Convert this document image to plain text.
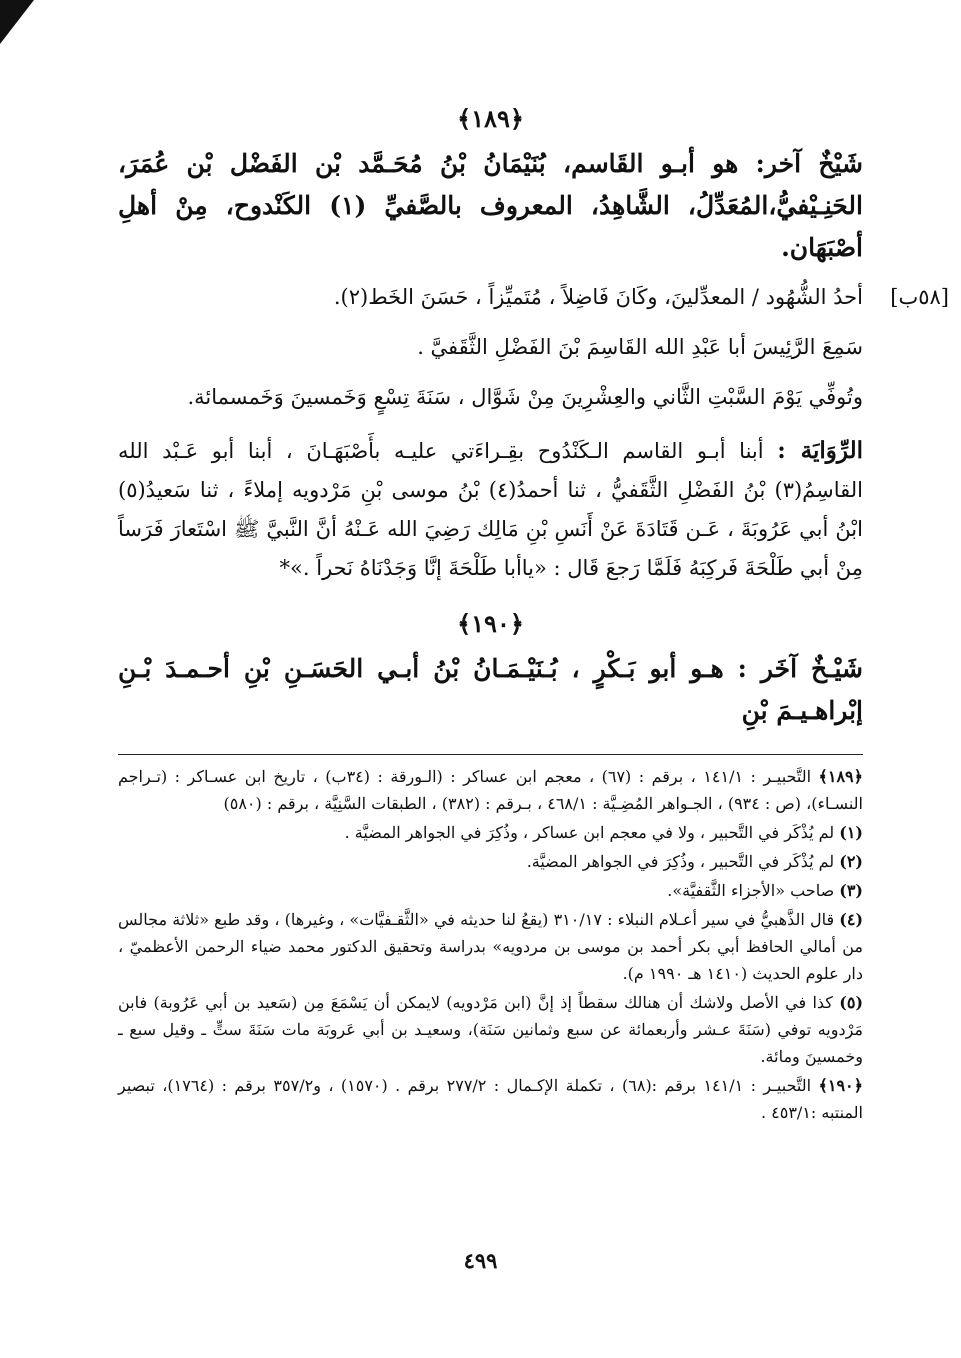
﴿١٨٩﴾

شَيْخٌ آخر: هو أبـو القَاسم، بُنَيْمَانُ بْنُ مُحَـمَّد بْن الفَضْل بْن عُمَرَ، الحَنِـيْفيُّ،المُعَدِّلُ، الشَّاهِدُ، المعروف بالصَّفيِّ (١) الكَنْدوح، مِنْ أهلِ أصْبَهَان.

[٥٨ب]
أحدُ الشُّهُود / المعدِّلينَ، وكَانَ فَاضِلاً ، مُتَميِّزاً ، حَسَنَ الخَط(٢).

سَمِعَ الرَّئِيسَ أبا عَبْدِ الله القَاسِمَ بْنَ الفَضْلِ الثَّقَفيَّ .

وتُوفِّي يَوْمَ السَّبْتِ الثَّاني والعِشْرِينَ مِنْ شَوَّال ، سَنَةَ تِسْعٍ وَخَمسينَ وَخَمسمائة.

الرِّوَايَة : أبنا أبـو القاسم الـكَنْدُوح بقِـراءَتي عليـه بأَصْبَهَـانَ ، أبنا أبو عَـبْد الله القاسِمُ(٣) بْنُ الفَضْلِ الثَّقَفيُّ ، ثنا أحمدُ(٤) بْنُ موسى بْنِ مَرْدويه إملاءً ، ثنا سَعيدُ(٥) ابْنُ أبي عَرُوبَةَ ، عَـن قَتَادَةَ عَنْ أَنَسِ بْنِ مَالِك رَضِيَ الله عَـنْهُ أنَّ النَّبيَّ ﷺ اسْتَعارَ فَرَساً مِنْ أبي طَلْحَةَ فَركِبَهُ فَلَمَّا رَجعَ قَال : «ياأبا طَلْحَةَ إنَّا وَجَدْنَاهُ نَحراً .»*

﴿١٩٠﴾

شَيْـخٌ آخَر : هـو أبو بَـكْرٍ ، بُـنَيْـمَـانُ بْنُ أبـي الحَسَـنِ بْنِ أحـمـدَ بْـنِ إبْراهـيـمَ بْنِ

﴿١٨٩﴾ التَّحبيـر : ١٤١/١ ، برقم : (٦٧) ، معجم ابن عساكر : (الـورقة : (٣٤ب) ، تاريخ ابن عسـاكر : (تـراجم النسـاء)، (ص : ٩٣٤) ، الجـواهر المُضِـيَّة : ٤٦٨/١ ، بـرقم : (٣٨٢) ، الطبقات السَّنِيَّة ، برقم : (٥٨٠)

(١) لم يُذْكَر في التَّحبير ، ولا في معجم ابن عساكر ، وذُكِرَ في الجواهر المضيَّة .

(٢) لم يُذْكَر في التَّحبير ، وذُكِرَ في الجواهر المضيَّة.

(٣) صاحب «الأجزاء الثَّقفيَّة».

(٤) قال الذَّهبيُّ في سير أعـلام النبلاء : ٣١٠/١٧ (يقعُ لنا حديثه في «الثَّقـفيَّات» ، وغيرها) ، وقد طبع «ثلاثة مجالس من أمالي الحافظ أبي بكر أحمد بن موسى بن مردويه» بدراسة وتحقيق الدكتور محمد ضياء الرحمن الأعظميّ ، دار علوم الحديث (١٤١٠ هـ ١٩٩٠ م).

(٥) كذا في الأصل ولاشك أن هنالك سقطاً إذ إنَّ (ابن مَرْدويه) لايمكن أن يَسْمَعَ مِن (سَعيد بن أبي عَرُوبة) فابن مَرْدويه توفي (سَنَةَ عـشر وأربعمائة عن سبع وثمانين سَنَة)، وسعيـد بن أبي عَروبَة مات سَنَةَ ستٍّ ـ وقيل سبع ـ وخمسينَ ومائة.

﴿١٩٠﴾ التَّحبيـر : ١٤١/١ برقم :(٦٨) ، تكملة الإكـمال : ٢٧٧/٢ برقم . (١٥٧٠) ، و٣٥٧/٢ برقم : (١٧٦٤)، تبصير المنتبه :٤٥٣/١ .

٤٩٩
